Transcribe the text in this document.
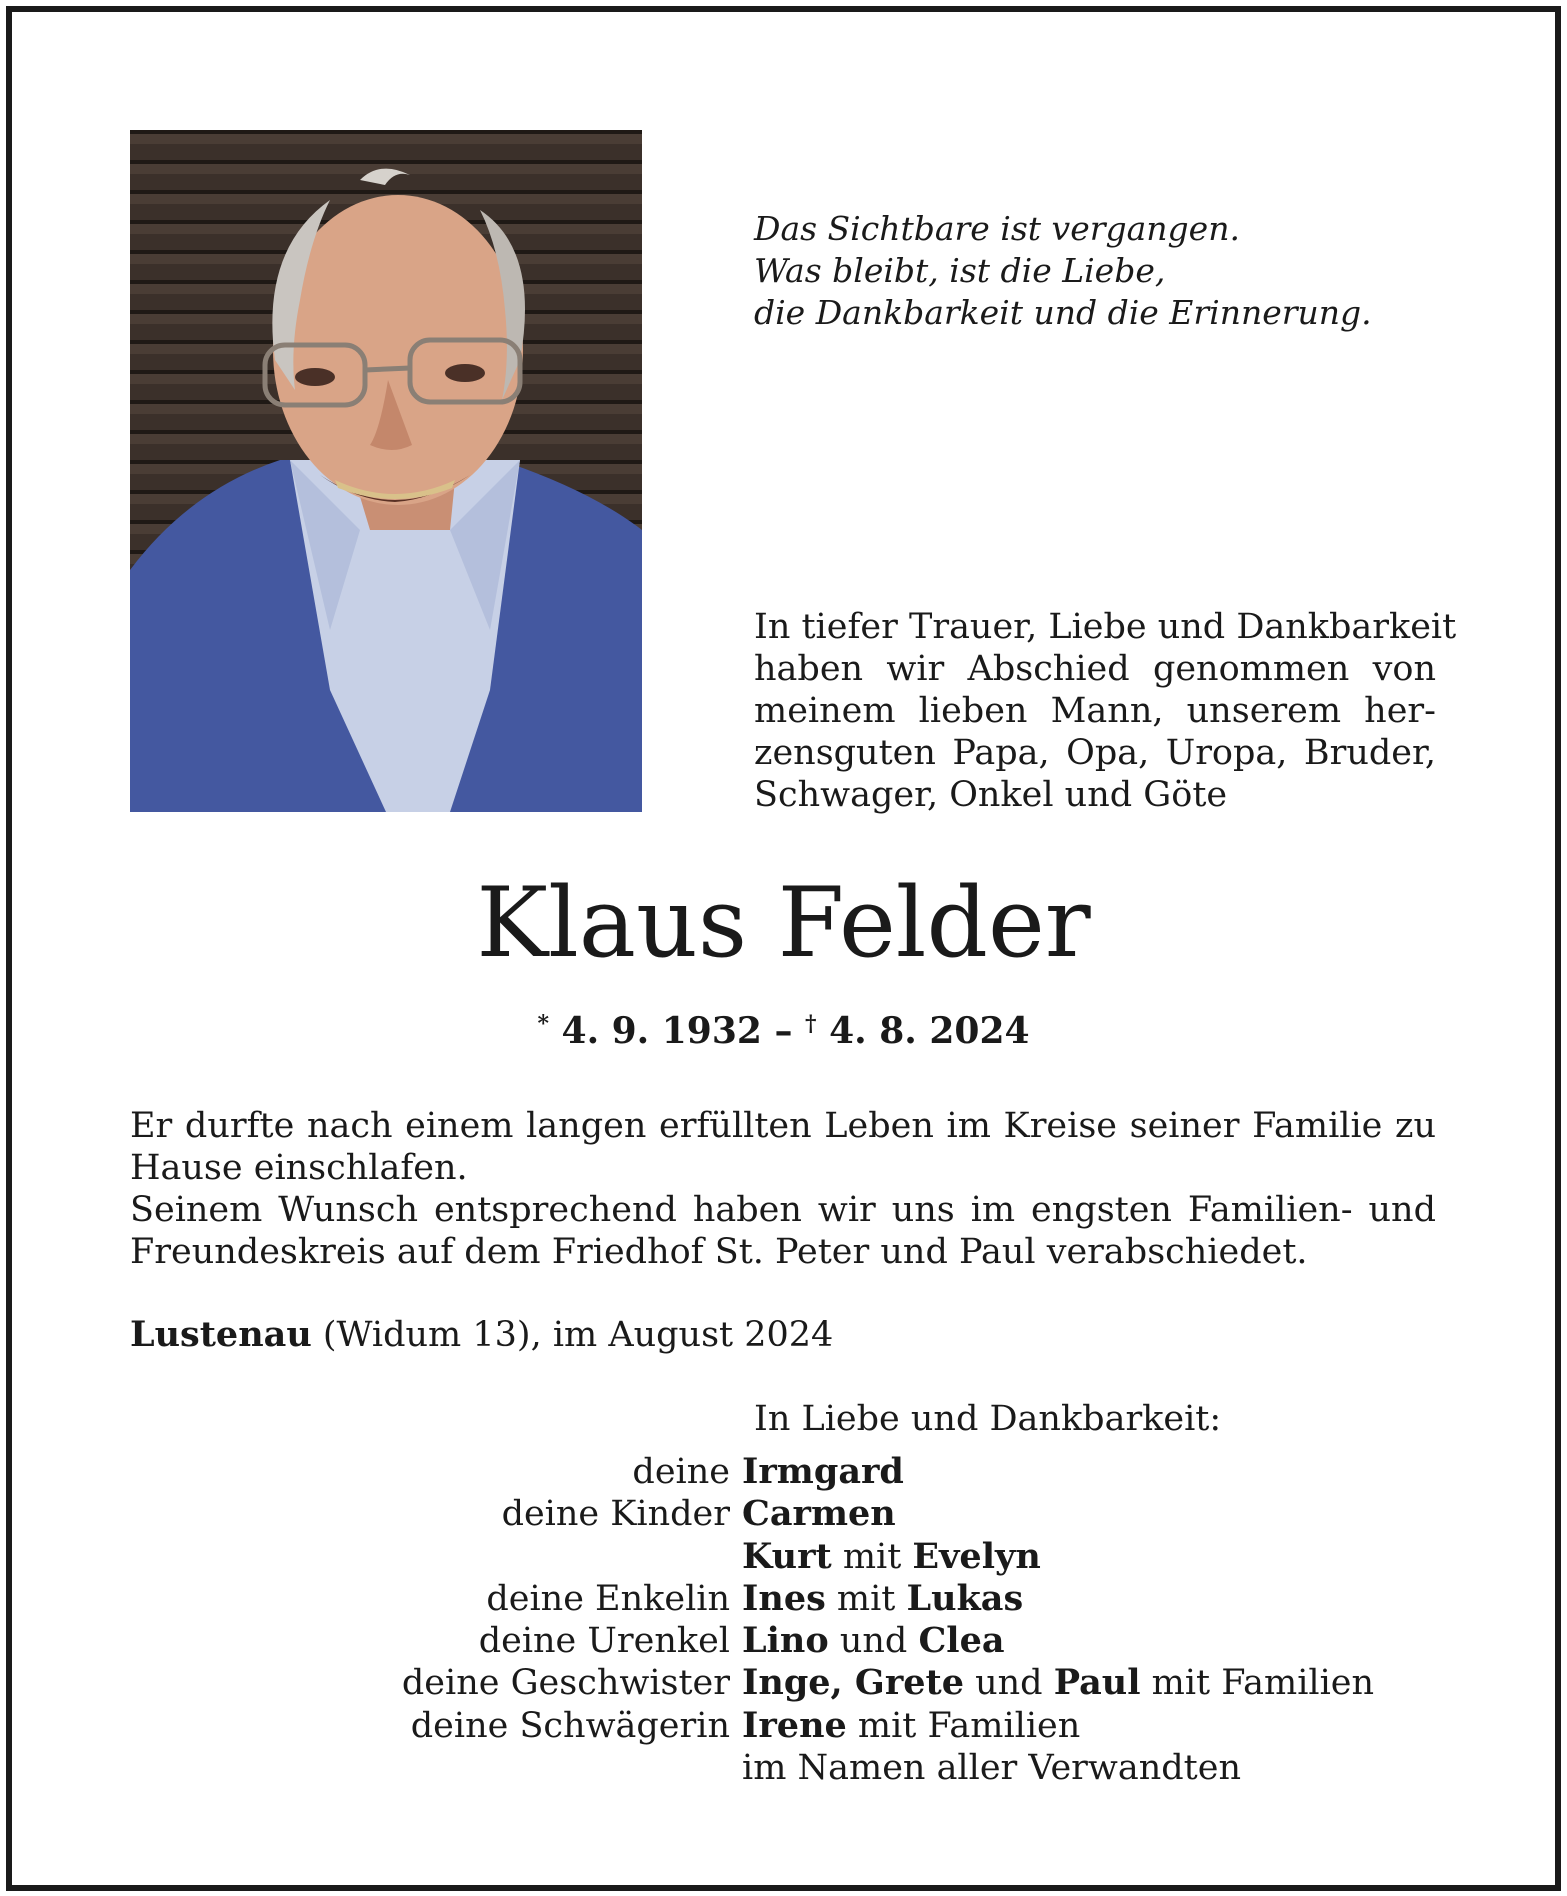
Das Sichtbare ist vergangen.
Was bleibt, ist die Liebe,
die Dankbarkeit und die Erinnerung.
In tiefer Trauer, Liebe und Dankbarkeit
haben wir Abschied genommen von
meinem lieben Mann, unserem her-
zensguten Papa, Opa, Uropa, Bruder,
Schwager, Onkel und Göte
Klaus Felder
* 4. 9. 1932 – † 4. 8. 2024
Er durfte nach einem langen erfüllten Leben im Kreise seiner Familie zu
Hause einschlafen.
Seinem Wunsch entsprechend haben wir uns im engsten Familien- und
Freundeskreis auf dem Friedhof St. Peter und Paul verabschiedet.
Lustenau (Widum 13), im August 2024
In Liebe und Dankbarkeit:
deine Irmgard
deine Kinder Carmen
Kurt mit Evelyn
deine Enkelin Ines mit Lukas
deine Urenkel Lino und Clea
deine Geschwister Inge, Grete und Paul mit Familien
deine Schwägerin Irene mit Familien
im Namen aller Verwandten
